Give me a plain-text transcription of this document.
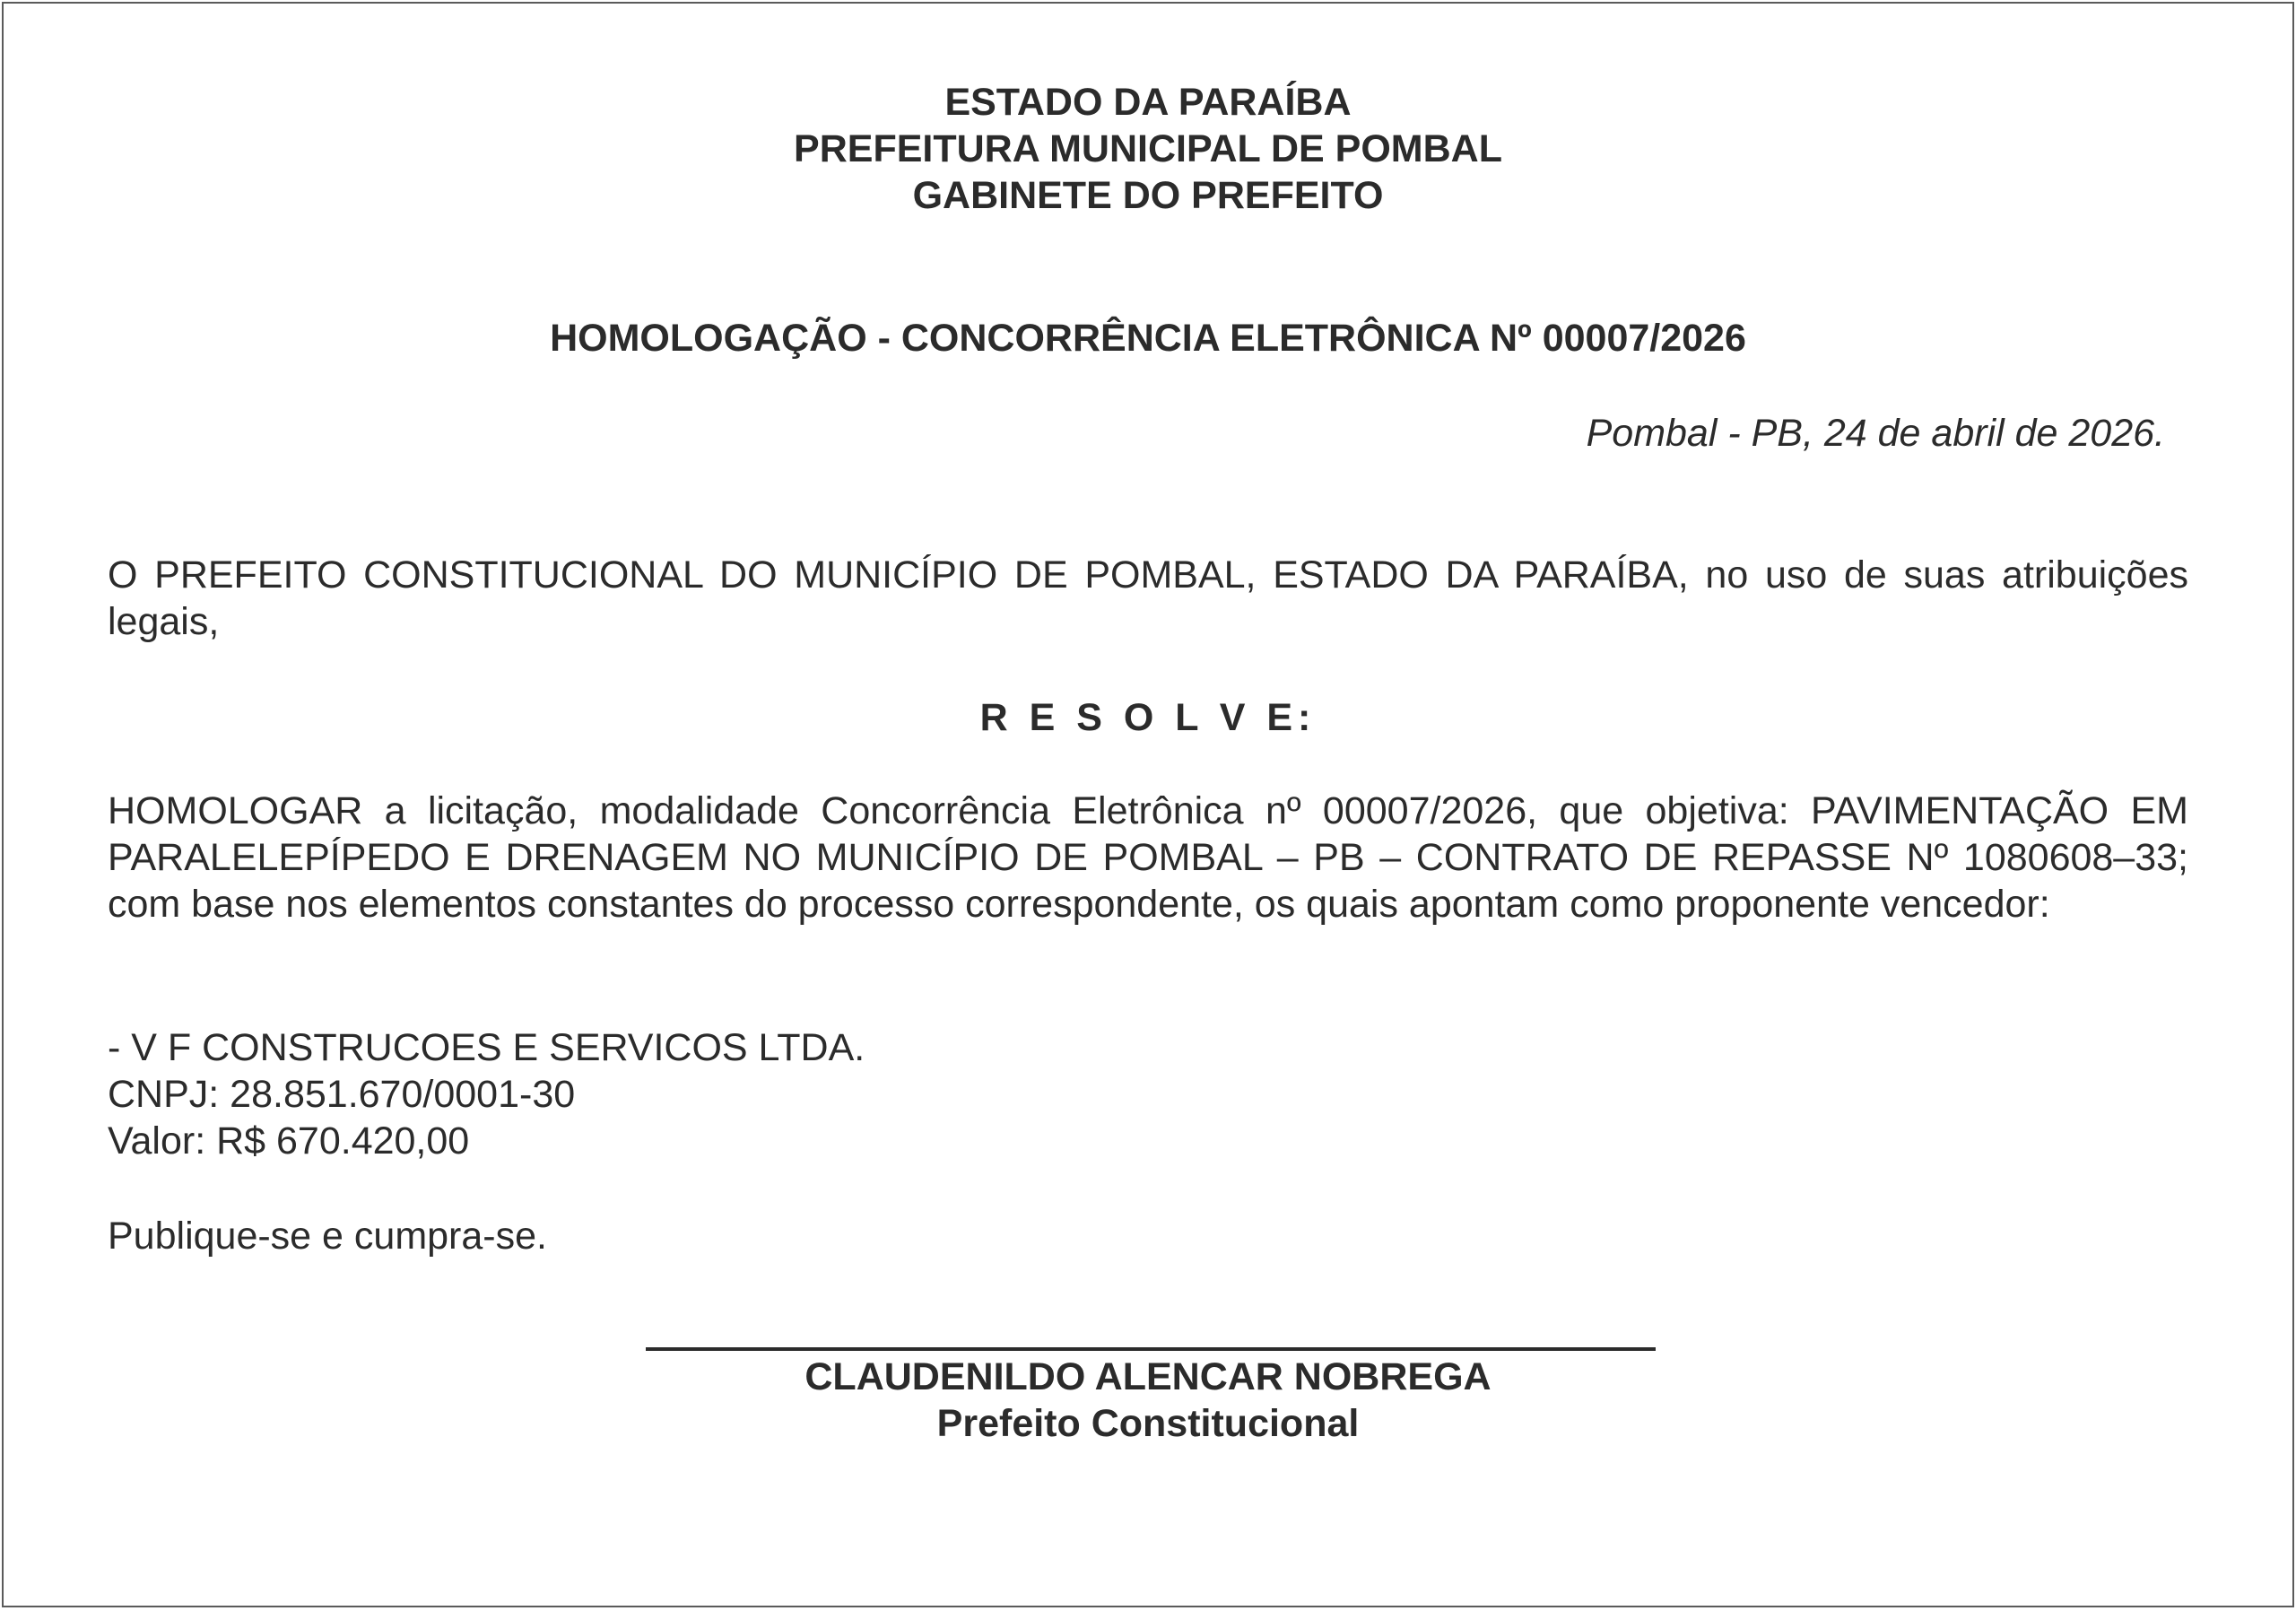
ESTADO DA PARAÍBA
PREFEITURA MUNICIPAL DE POMBAL
GABINETE DO PREFEITO
HOMOLOGAÇÃO - CONCORRÊNCIA ELETRÔNICA Nº 00007/2026
Pombal - PB, 24 de abril de 2026.
O PREFEITO CONSTITUCIONAL DO MUNICÍPIO DE POMBAL, ESTADO DA PARAÍBA, no uso de suas atribuições legais,
R E S O L V E:
HOMOLOGAR a licitação, modalidade Concorrência Eletrônica nº 00007/2026, que objetiva: PAVIMENTAÇÃO EM PARALELEPÍPEDO E DRENAGEM NO MUNICÍPIO DE POMBAL – PB – CONTRATO DE REPASSE Nº 1080608–33; com base nos elementos constantes do processo correspondente, os quais apontam como proponente vencedor:
- V F CONSTRUCOES E SERVICOS LTDA.
CNPJ: 28.851.670/0001-30
Valor: R$ 670.420,00
Publique-se e cumpra-se.
CLAUDENILDO ALENCAR NOBREGA
Prefeito Constitucional
